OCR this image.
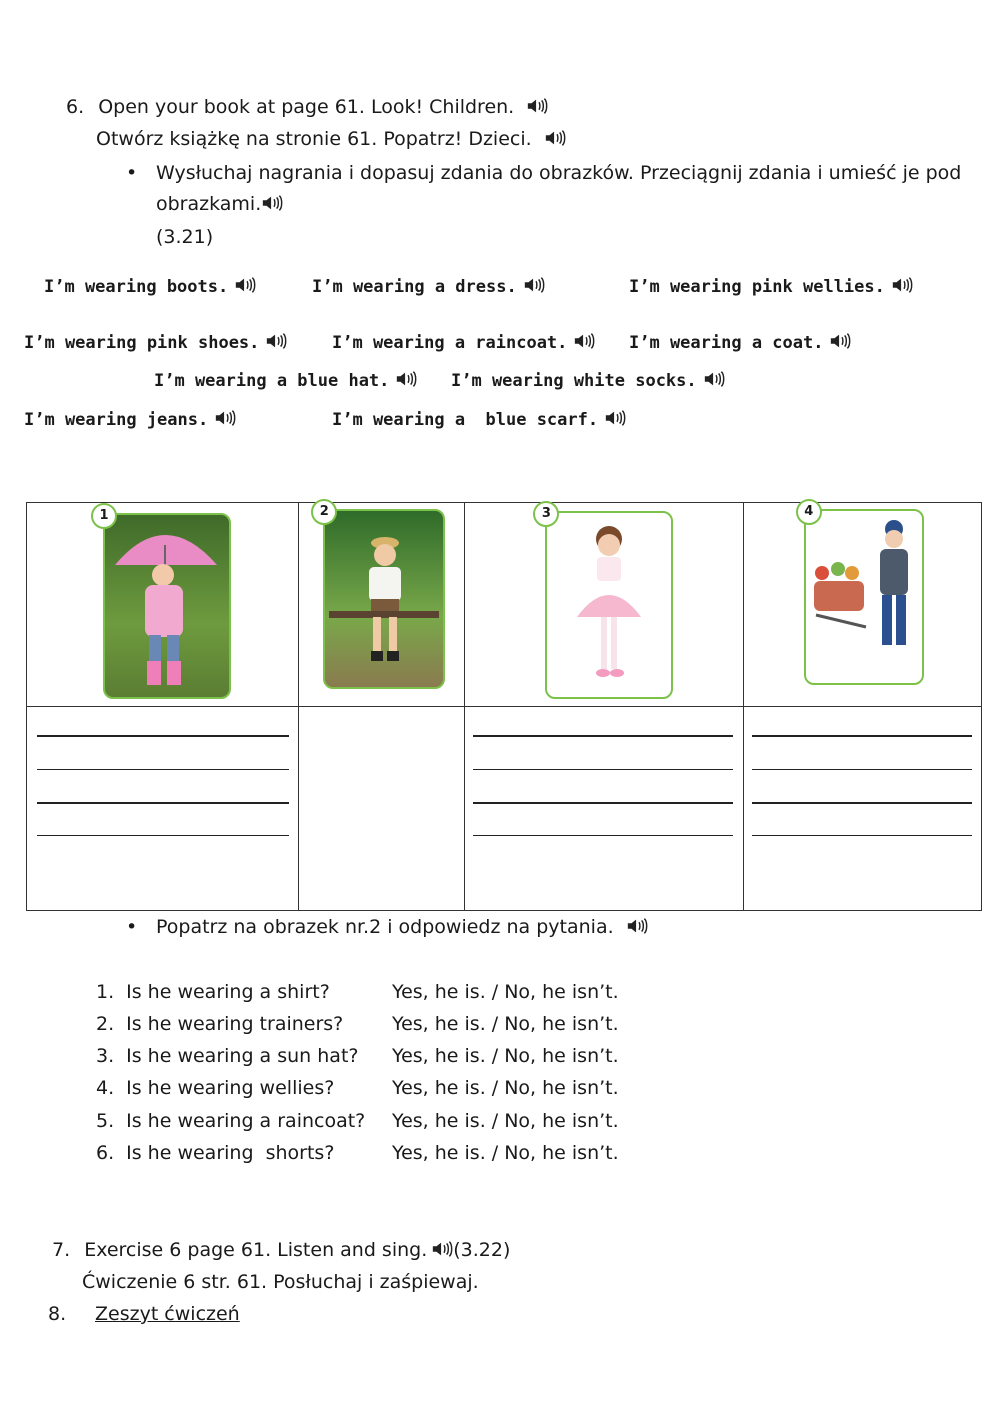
6. Open your book at page 61. Look! Children.
Otwórz książkę na stronie 61. Popatrz! Dzieci.
• Wysłuchaj nagrania i dopasuj zdania do obrazków. Przeciągnij zdania i umieść je pod
obrazkami.
(3.21)
I’m wearing boots.	I’m wearing a dress.	I’m wearing pink wellies.
I’m wearing pink shoes.	I’m wearing a raincoat.	I’m wearing a coat.
I’m wearing a blue hat.	I’m wearing white socks.
I’m wearing jeans.	I’m wearing a  blue scarf.
1	2	3	4

• Popatrz na obrazek nr.2 i odpowiedz na pytania.
1. Is he wearing a shirt?	Yes, he is. / No, he isn’t.
2. Is he wearing trainers?	Yes, he is. / No, he isn’t.
3. Is he wearing a sun hat? Yes, he is. / No, he isn’t.
4. Is he wearing wellies?	Yes, he is. / No, he isn’t.
5. Is he wearing a raincoat? Yes, he is. / No, he isn’t.
6. Is he wearing  shorts?	Yes, he is. / No, he isn’t.
7. Exercise 6 page 61. Listen and sing. (3.22)
Ćwiczenie 6 str. 61. Posłuchaj i zaśpiewaj.
8. Zeszyt ćwiczeń
